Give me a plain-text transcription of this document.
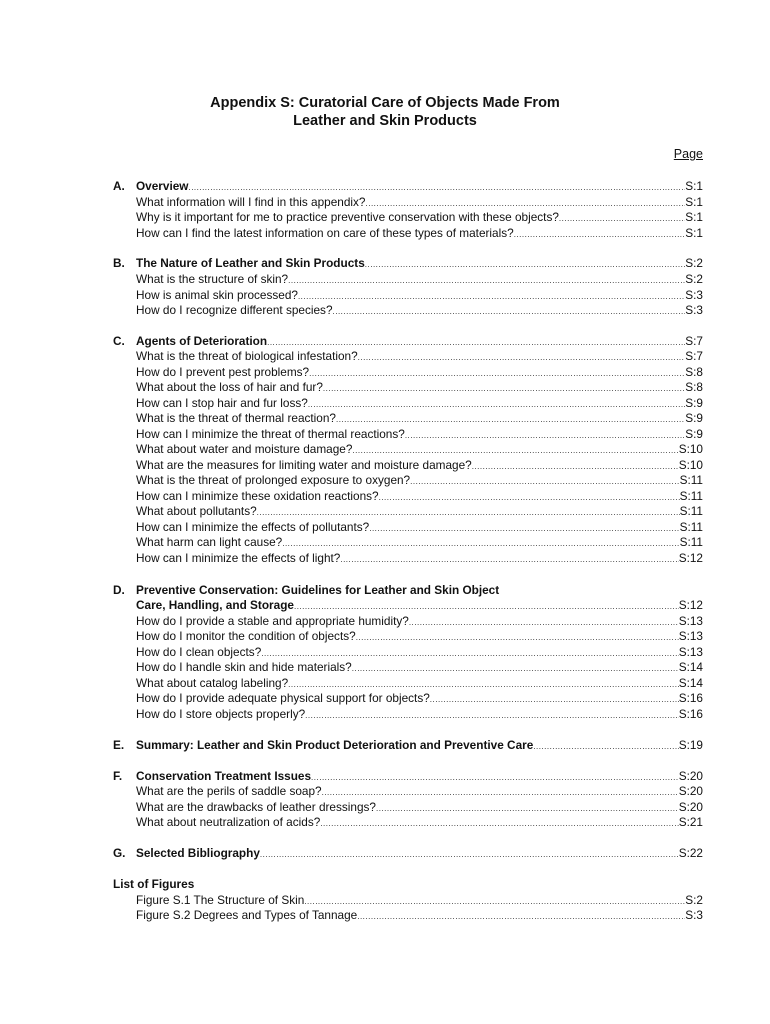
Appendix S: Curatorial Care of Objects Made From
Leather and Skin Products
Page
A. Overview .....	S:1
What information will I find in this appendix? .....	S:1
Why is it important for me to practice preventive conservation with these objects? .....	S:1
How can I find the latest information on care of these types of materials? .....	S:1
B. The Nature of Leather and Skin Products .....	S:2
What is the structure of skin? .....	S:2
How is animal skin processed? .....	S:3
How do I recognize different species? .....	S:3
C. Agents of Deterioration .....	S:7
What is the threat of biological infestation? .....	S:7
How do I prevent pest problems? .....	S:8
What about the loss of hair and fur? .....	S:8
How can I stop hair and fur loss? .....	S:9
What is the threat of thermal reaction? .....	S:9
How can I minimize the threat of thermal reactions? .....	S:9
What about water and moisture damage? .....	S:10
What are the measures for limiting water and moisture damage? .....	S:10
What is the threat of prolonged exposure to oxygen? .....	S:11
How can I minimize these oxidation reactions? .....	S:11
What about pollutants? .....	S:11
How can I minimize the effects of pollutants? .....	S:11
What harm can light cause? .....	S:11
How can I minimize the effects of light? .....	S:12
D. Preventive Conservation: Guidelines for Leather and Skin Object
Care, Handling, and Storage .....	S:12
How do I provide a stable and appropriate humidity? .....	S:13
How do I monitor the condition of objects? .....	S:13
How do I clean objects? .....	S:13
How do I handle skin and hide materials? .....	S:14
What about catalog labeling? .....	S:14
How do I provide adequate physical support for objects? .....	S:16
How do I store objects properly? .....	S:16
E. Summary: Leather and Skin Product Deterioration and Preventive Care .....	S:19
F. Conservation Treatment Issues .....	S:20
What are the perils of saddle soap? .....	S:20
What are the drawbacks of leather dressings? .....	S:20
What about neutralization of acids? .....	S:21
G. Selected Bibliography .....	S:22
List of Figures
Figure S.1 The Structure of Skin .....	S:2
Figure S.2 Degrees and Types of Tannage .....	S:3
